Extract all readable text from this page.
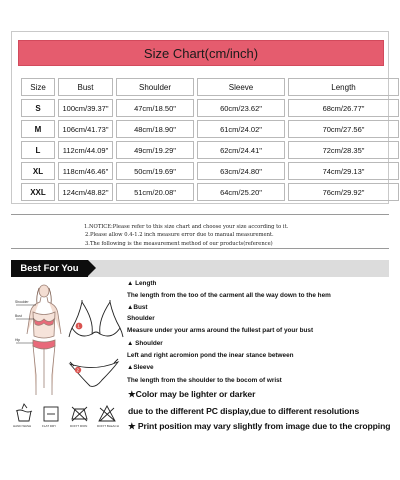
Size Chart(cm/inch)
Size	Bust	Shoulder	Sleeve	Length
S	100cm/39.37"	47cm/18.50"	60cm/23.62"	68cm/26.77"
M	106cm/41.73"	48cm/18.90"	61cm/24.02"	70cm/27.56"
L	112cm/44.09"	49cm/19.29"	62cm/24.41"	72cm/28.35"
XL	118cm/46.46"	50cm/19.69"	63cm/24.80"	74cm/29.13"
XXL	124cm/48.82"	51cm/20.08"	64cm/25.20"	76cm/29.92"
1.NOTICE:Please refer to this size chart and choose your size according to it.
2.Please allow 0.4-1.2 inch measure error due to manual measurement.
3.The following is the measurement method of our products(reference)
Best For You
Shoulder
Bust
Hip
1
2
▲ Length
The length from the too of the carment all the way down to the hem
▲Bust
Shoulder
Measure under your arms around the fullest part of your bust
▲ Shoulder
Left and right acromion pond the inear stance between
▲Sleeve
The length from the shoulder to the bocom of wrist
★Color may be lighter or darker
due to the different PC display,due to different resolutions
★ Print position may vary slightly from image due to the cropping
HAND WASH	FLAT DRY	DON'T IRON	DON'T BLEACH
